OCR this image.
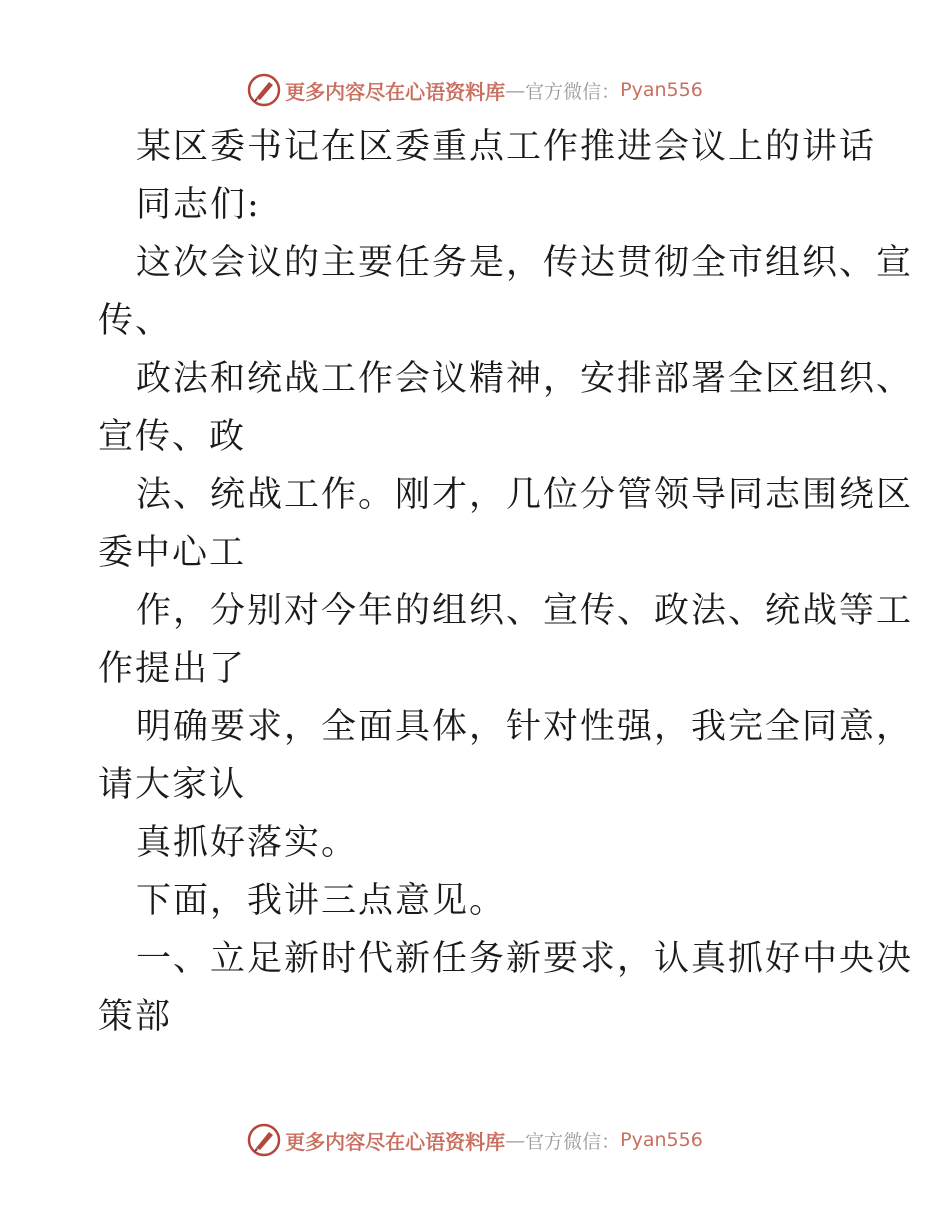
更多内容尽在心语资料库 — 官方微信： Pyan556
某区委书记在区委重点工作推进会议上的讲话
同志们:
这次会议的主要任务是，传达贯彻全市组织、宣
传、
政法和统战工作会议精神，安排部署全区组织、
宣传、政
法、统战工作。刚才，几位分管领导同志围绕区
委中心工
作，分别对今年的组织、宣传、政法、统战等工
作提出了
明确要求，全面具体，针对性强，我完全同意，
请大家认
真抓好落实。
下面，我讲三点意见。
一、立足新时代新任务新要求，认真抓好中央决
策部
更多内容尽在心语资料库 — 官方微信： Pyan556
